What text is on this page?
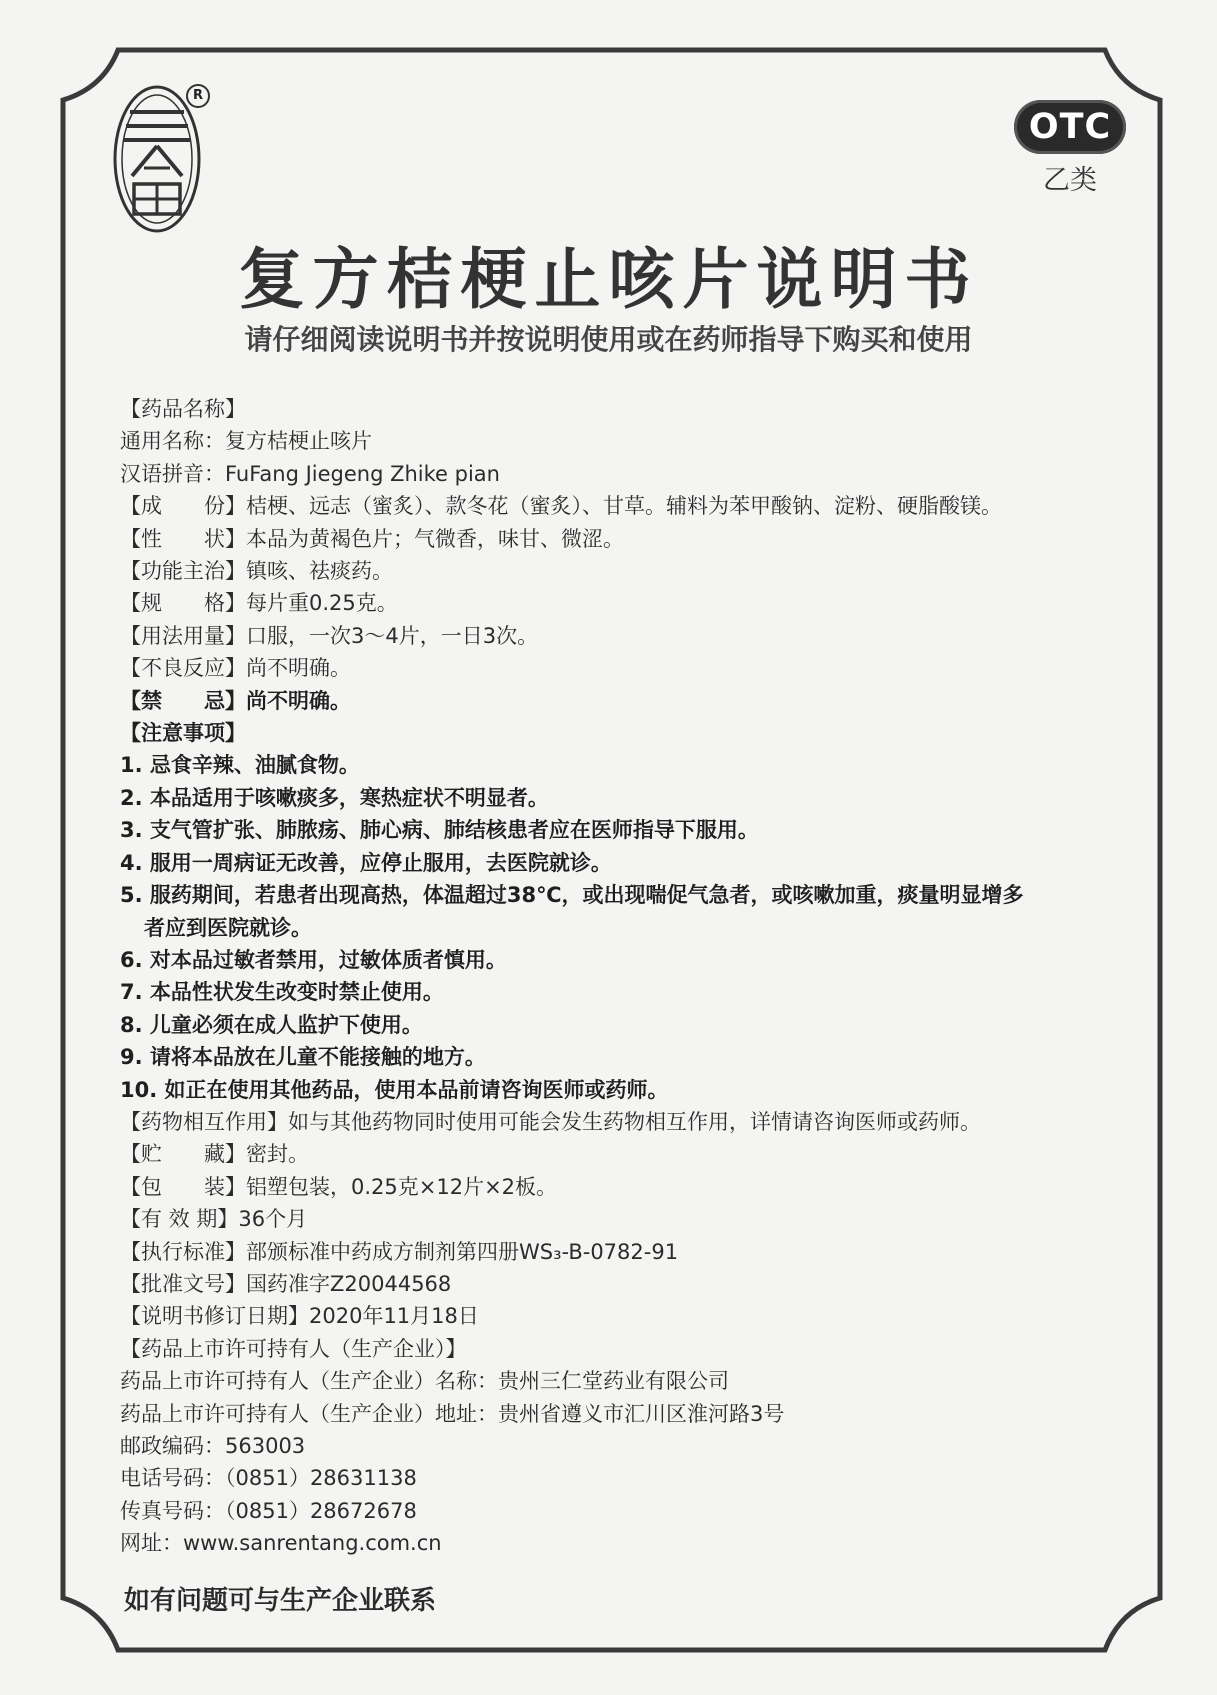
R
OTC
乙类
复方桔梗止咳片说明书
请仔细阅读说明书并按说明使用或在药师指导下购买和使用
【药品名称】
通用名称：复方桔梗止咳片
汉语拼音：FuFang Jiegeng Zhike pian
【成　　份】桔梗、远志（蜜炙）、款冬花（蜜炙）、甘草。辅料为苯甲酸钠、淀粉、硬脂酸镁。
【性　　状】本品为黄褐色片；气微香，味甘、微涩。
【功能主治】镇咳、祛痰药。
【规　　格】每片重0.25克。
【用法用量】口服，一次3～4片，一日3次。
【不良反应】尚不明确。
【禁　　忌】尚不明确。
【注意事项】
1. 忌食辛辣、油腻食物。
2. 本品适用于咳嗽痰多，寒热症状不明显者。
3. 支气管扩张、肺脓疡、肺心病、肺结核患者应在医师指导下服用。
4. 服用一周病证无改善，应停止服用，去医院就诊。
5. 服药期间，若患者出现高热，体温超过38℃，或出现喘促气急者，或咳嗽加重，痰量明显增多
者应到医院就诊。
6. 对本品过敏者禁用，过敏体质者慎用。
7. 本品性状发生改变时禁止使用。
8. 儿童必须在成人监护下使用。
9. 请将本品放在儿童不能接触的地方。
10. 如正在使用其他药品，使用本品前请咨询医师或药师。
【药物相互作用】如与其他药物同时使用可能会发生药物相互作用，详情请咨询医师或药师。
【贮　　藏】密封。
【包　　装】铝塑包装，0.25克×12片×2板。
【有 效 期】36个月
【执行标准】部颁标准中药成方制剂第四册WS₃-B-0782-91
【批准文号】国药准字Z20044568
【说明书修订日期】2020年11月18日
【药品上市许可持有人（生产企业）】
药品上市许可持有人（生产企业）名称：贵州三仁堂药业有限公司
药品上市许可持有人（生产企业）地址：贵州省遵义市汇川区淮河路3号
邮政编码：563003
电话号码：（0851）28631138
传真号码：（0851）28672678
网址：www.sanrentang.com.cn
如有问题可与生产企业联系
